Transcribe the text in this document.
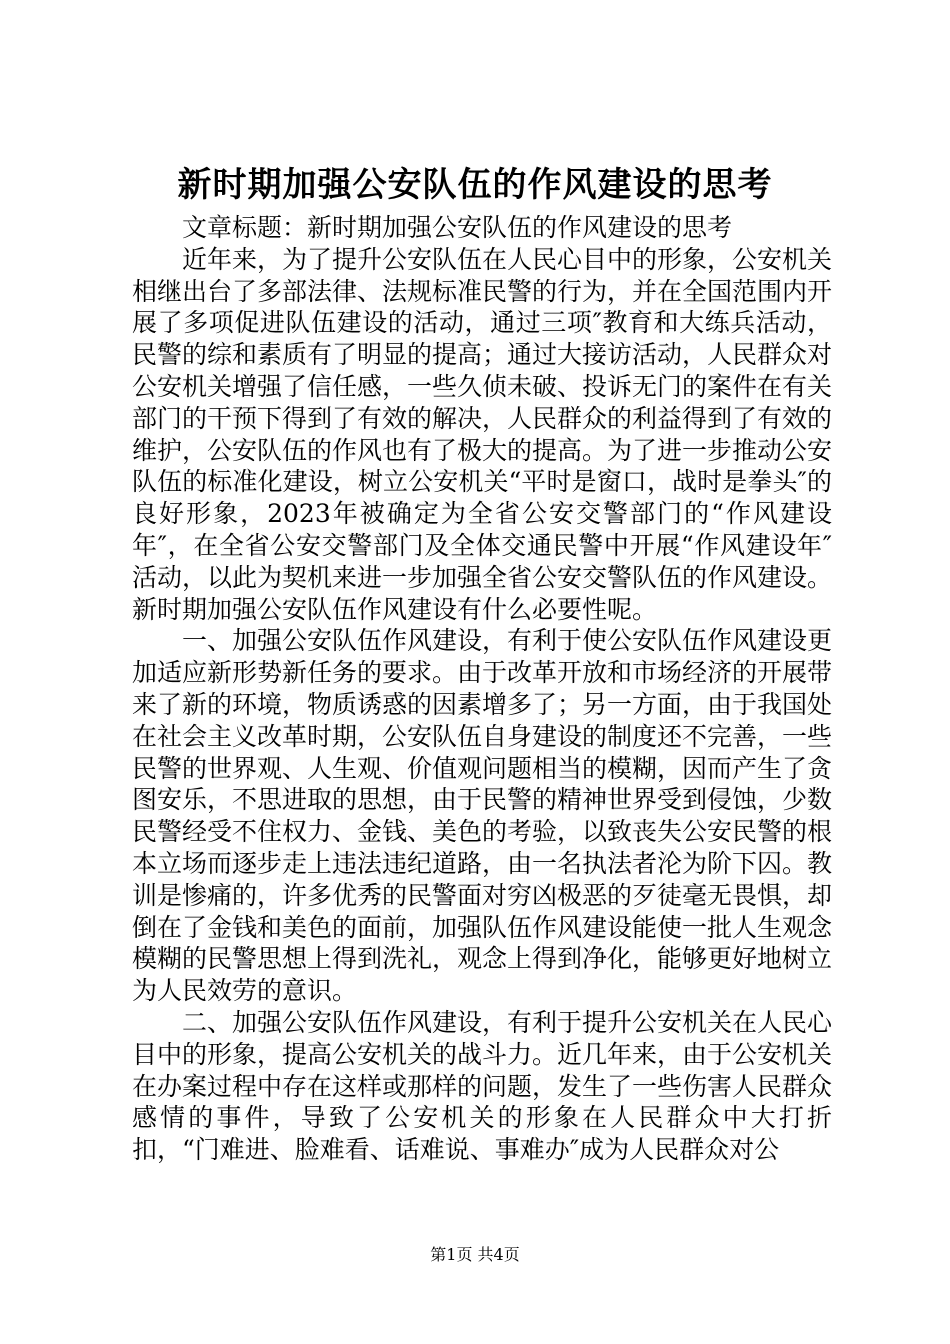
新时期加强公安队伍的作风建设的思考

文章标题：新时期加强公安队伍的作风建设的思考

近年来，为了提升公安队伍在人民心目中的形象，公安机关相继出台了多部法律、法规标准民警的行为，并在全国范围内开展了多项促进队伍建设的活动，通过三项″教育和大练兵活动，民警的综和素质有了明显的提高；通过大接访活动，人民群众对公安机关增强了信任感，一些久侦未破、投诉无门的案件在有关部门的干预下得到了有效的解决，人民群众的利益得到了有效的维护，公安队伍的作风也有了极大的提高。为了进一步推动公安队伍的标准化建设，树立公安机关“平时是窗口，战时是拳头″的良好形象，2023年被确定为全省公安交警部门的“作风建设年″，在全省公安交警部门及全体交通民警中开展“作风建设年″活动，以此为契机来进一步加强全省公安交警队伍的作风建设。新时期加强公安队伍作风建设有什么必要性呢。

一、加强公安队伍作风建设，有利于使公安队伍作风建设更加适应新形势新任务的要求。由于改革开放和市场经济的开展带来了新的环境，物质诱惑的因素增多了；另一方面，由于我国处在社会主义改革时期，公安队伍自身建设的制度还不完善，一些民警的世界观、人生观、价值观问题相当的模糊，因而产生了贪图安乐，不思进取的思想，由于民警的精神世界受到侵蚀，少数民警经受不住权力、金钱、美色的考验，以致丧失公安民警的根本立场而逐步走上违法违纪道路，由一名执法者沦为阶下囚。教训是惨痛的，许多优秀的民警面对穷凶极恶的歹徒毫无畏惧，却倒在了金钱和美色的面前，加强队伍作风建设能使一批人生观念模糊的民警思想上得到洗礼，观念上得到净化，能够更好地树立为人民效劳的意识。

二、加强公安队伍作风建设，有利于提升公安机关在人民心目中的形象，提高公安机关的战斗力。近几年来，由于公安机关在办案过程中存在这样或那样的问题，发生了一些伤害人民群众感情的事件，导致了公安机关的形象在人民群众中大打折扣，“门难进、脸难看、话难说、事难办″成为人民群众对公

第1页 共4页
